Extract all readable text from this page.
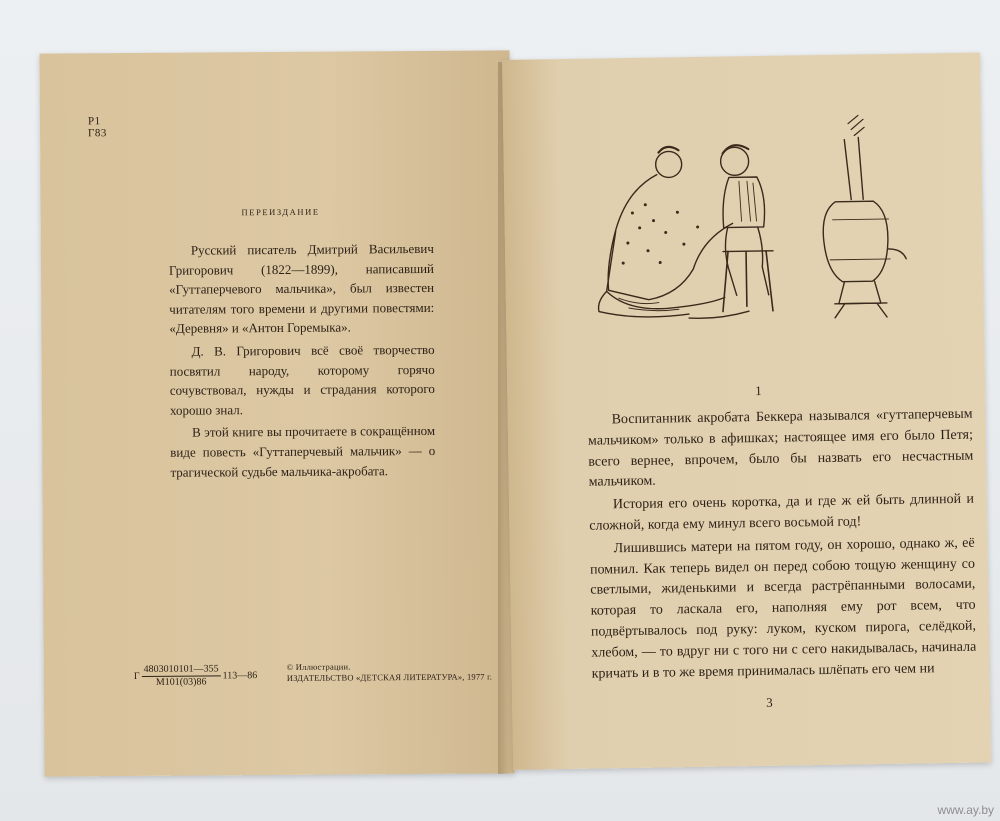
Р1
Г83
ПЕРЕИЗДАНИЕ

Русский писатель Дмитрий Васильевич Григорович (1822—1899), написавший «Гуттаперчевого мальчика», был известен читателям того времени и другими повестями: «Деревня» и «Антон Горемыка».

Д. В. Григорович всё своё творчество посвятил народу, которому горячо сочувствовал, нужды и страдания которого хорошо знал.

В этой книге вы прочитаете в сокращённом виде повесть «Гуттаперчевый мальчик» — о трагической судьбе мальчика-акробата.

Г $\frac{4803010101—355}{М101(03)86}$ 113—86
© Иллюстрации.
ИЗДАТЕЛЬСТВО «ДЕТСКАЯ ЛИТЕРАТУРА», 1977 г.
1

Воспитанник акробата Беккера назывался «гуттаперчевым мальчиком» только в афишках; настоящее имя его было Петя; всего вернее, впрочем, было бы назвать его несчастным мальчиком.

История его очень коротка, да и где ж ей быть длинной и сложной, когда ему минул всего восьмой год!

Лишившись матери на пятом году, он хорошо, однако ж, её помнил. Как теперь видел он перед собою тощую женщину со светлыми, жиденькими и всегда растрёпанными волосами, которая то ласкала его, наполняя ему рот всем, что подвёртывалось под руку: луком, куском пирога, селёдкой, хлебом, — то вдруг ни с того ни с сего накидывалась, начинала кричать и в то же время принималась шлёпать его чем ни

3
www.ay.by
